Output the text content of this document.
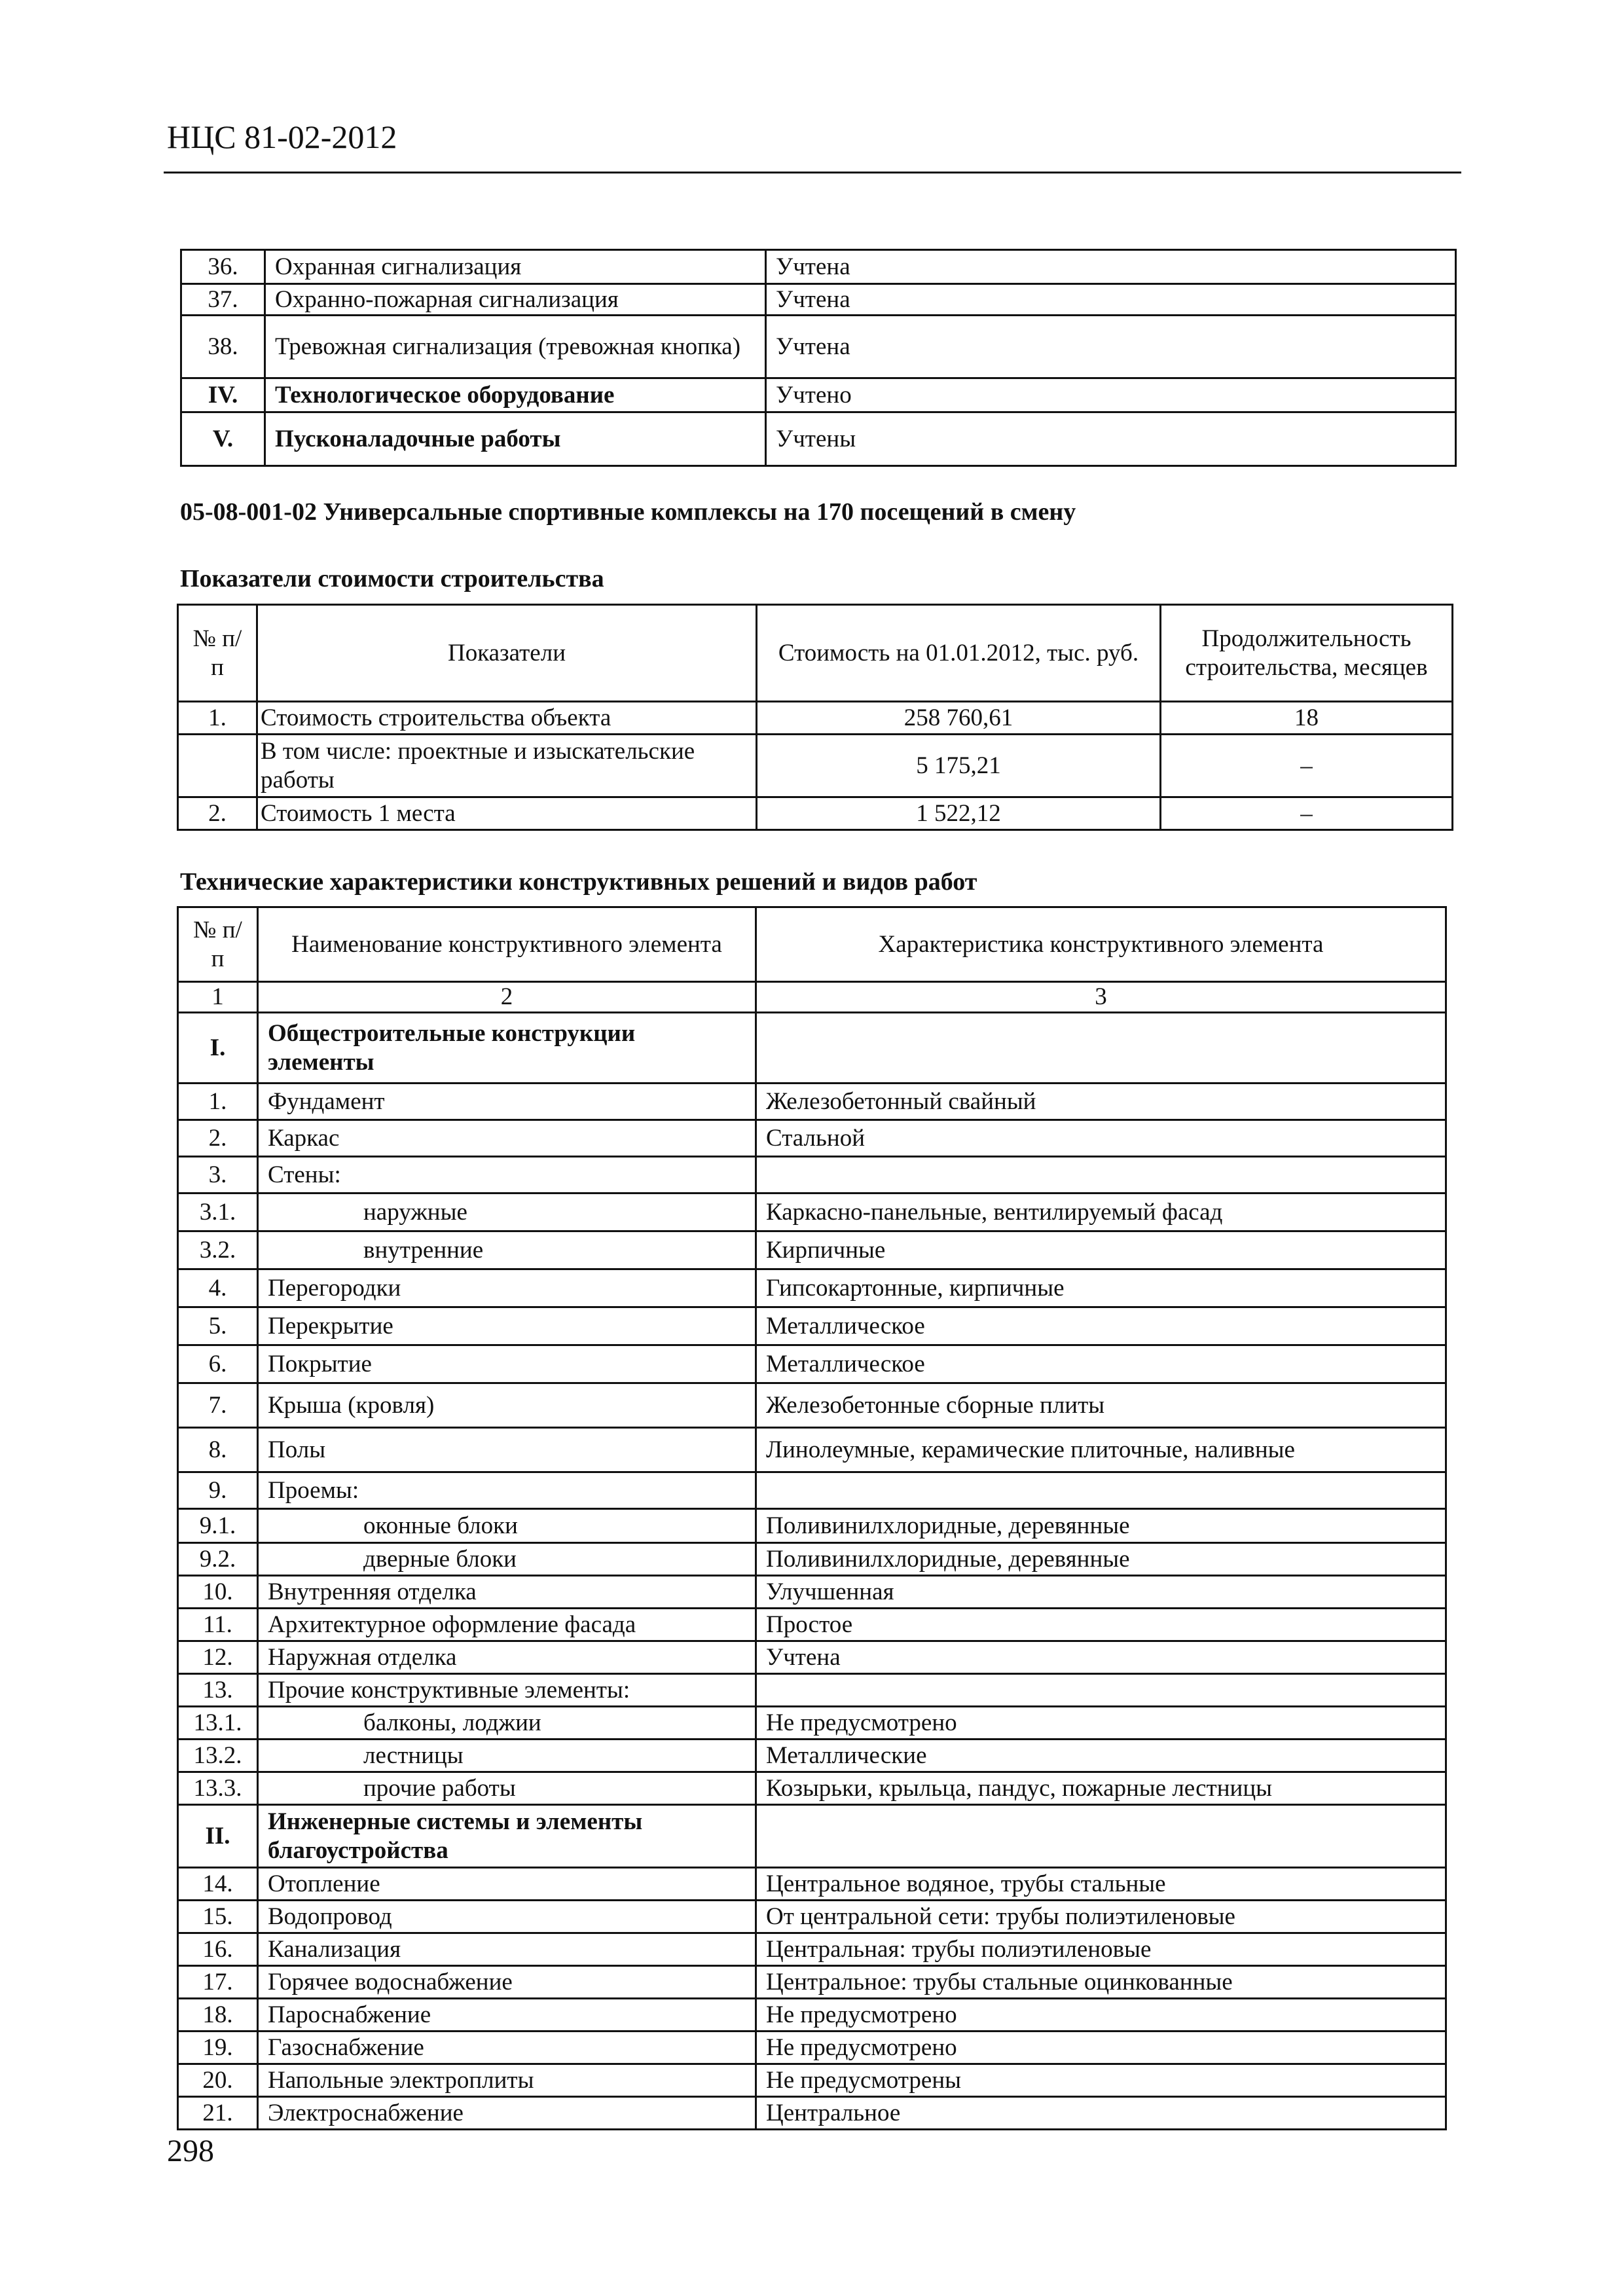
НЦС 81-02-2012
36.	Охранная сигнализация	Учтена
37.	Охранно-пожарная сигнализация	Учтена
38.	Тревожная сигнализация (тревожная кнопка)	Учтена
IV.	Технологическое оборудование	Учтено
V.	Пусконаладочные работы	Учтены
05-08-001-02 Универсальные спортивные комплексы на 170 посещений в смену
Показатели стоимости строительства
№ п/п	Показатели	Стоимость на 01.01.2012, тыс. руб.	Продолжительность строительства, месяцев
1.	Стоимость строительства объекта	258 760,61	18
	В том числе: проектные и изыскательские работы	5 175,21	–
2.	Стоимость 1 места	1 522,12	–
Технические характеристики конструктивных решений и видов работ
№ п/п	Наименование конструктивного элемента	Характеристика конструктивного элемента
1	2	3
I.	Общестроительные конструкции элементы	
1.	Фундамент	Железобетонный свайный
2.	Каркас	Стальной
3.	Стены:	
3.1.	наружные	Каркасно-панельные, вентилируемый фасад
3.2.	внутренние	Кирпичные
4.	Перегородки	Гипсокартонные, кирпичные
5.	Перекрытие	Металлическое
6.	Покрытие	Металлическое
7.	Крыша (кровля)	Железобетонные сборные плиты
8.	Полы	Линолеумные, керамические плиточные, наливные
9.	Проемы:	
9.1.	оконные блоки	Поливинилхлоридные, деревянные
9.2.	дверные блоки	Поливинилхлоридные, деревянные
10.	Внутренняя отделка	Улучшенная
11.	Архитектурное оформление фасада	Простое
12.	Наружная отделка	Учтена
13.	Прочие конструктивные элементы:	
13.1.	балконы, лоджии	Не предусмотрено
13.2.	лестницы	Металлические
13.3.	прочие работы	Козырьки, крыльца, пандус, пожарные лестницы
II.	Инженерные системы и элементы благоустройства	
14.	Отопление	Центральное водяное, трубы стальные
15.	Водопровод	От центральной сети: трубы полиэтиленовые
16.	Канализация	Центральная: трубы полиэтиленовые
17.	Горячее водоснабжение	Центральное: трубы стальные оцинкованные
18.	Пароснабжение	Не предусмотрено
19.	Газоснабжение	Не предусмотрено
20.	Напольные электроплиты	Не предусмотрены
21.	Электроснабжение	Центральное
298
